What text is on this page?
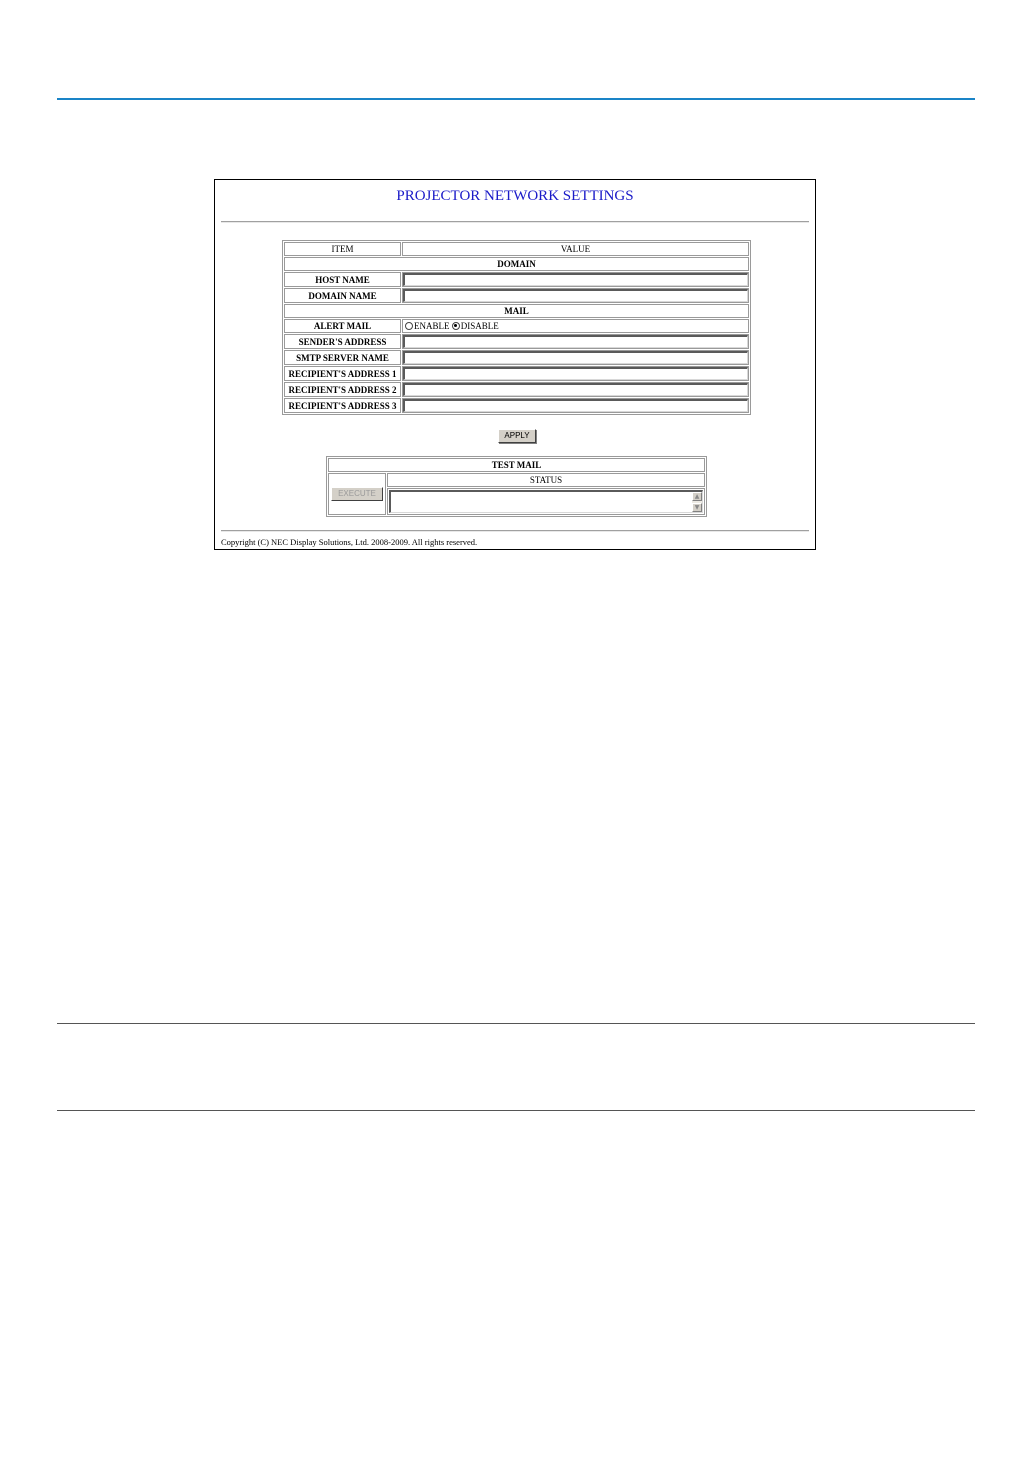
PROJECTOR NETWORK SETTINGS
ITEM	VALUE
DOMAIN	
HOST NAME	

DOMAIN NAME	

MAIL	
ALERT MAIL	ENABLE DISABLE
SENDER'S ADDRESS	

SMTP SERVER NAME	

RECIPIENT'S ADDRESS 1	

RECIPIENT'S ADDRESS 2	

RECIPIENT'S ADDRESS 3	
APPLY
TEST MAIL
EXECUTE	STATUS

▲
▼
Copyright (C) NEC Display Solutions, Ltd. 2008-2009. All rights reserved.
